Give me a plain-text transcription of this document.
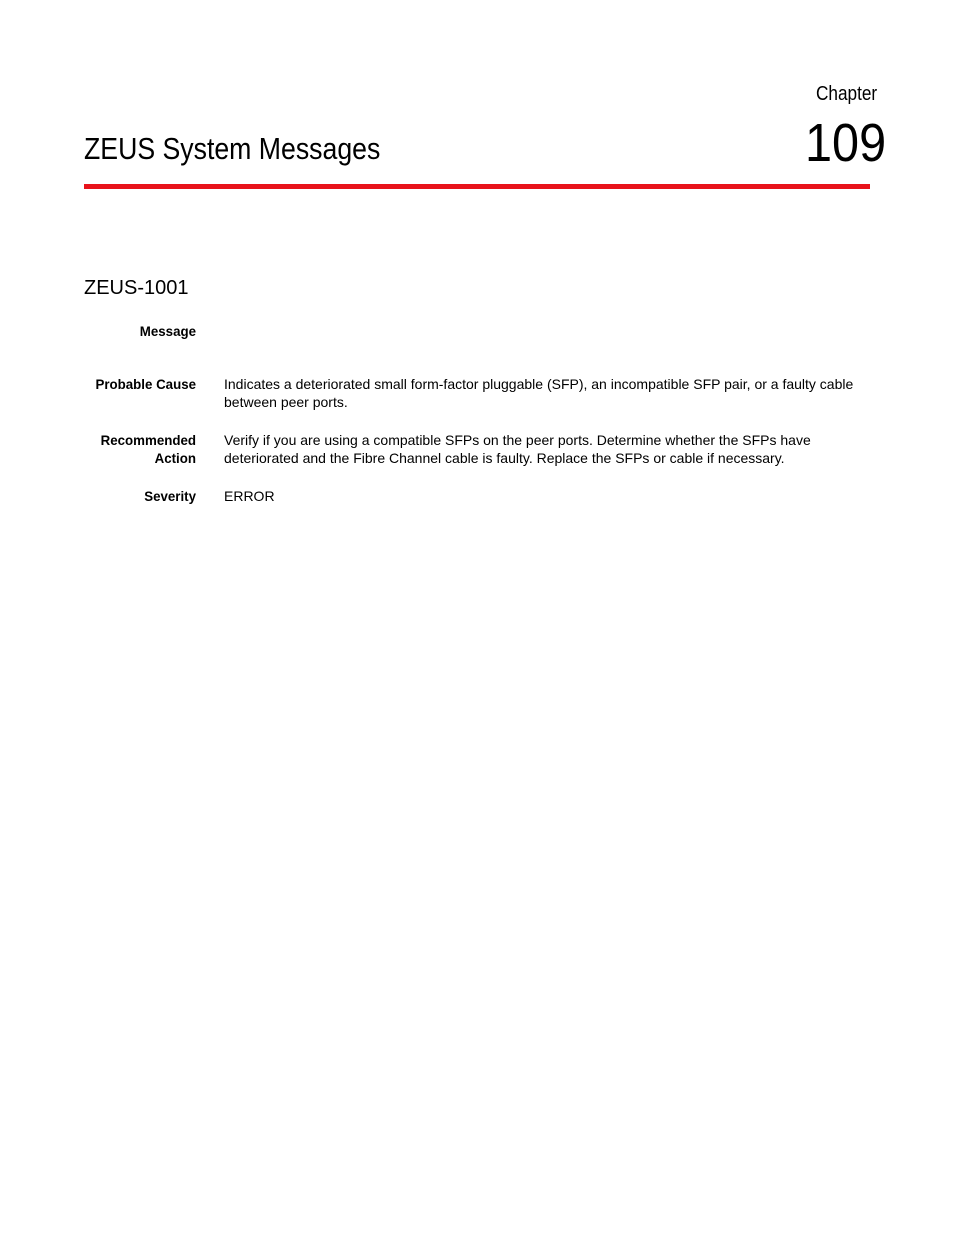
Chapter
109
ZEUS System Messages
ZEUS-1001
Message
Probable Cause Indicates a deteriorated small form-factor pluggable (SFP), an incompatible SFP pair, or a faulty cable between peer ports.
Recommended
Action
Verify if you are using a compatible SFPs on the peer ports. Determine whether the SFPs have deteriorated and the Fibre Channel cable is faulty. Replace the SFPs or cable if necessary.
Severity ERROR
